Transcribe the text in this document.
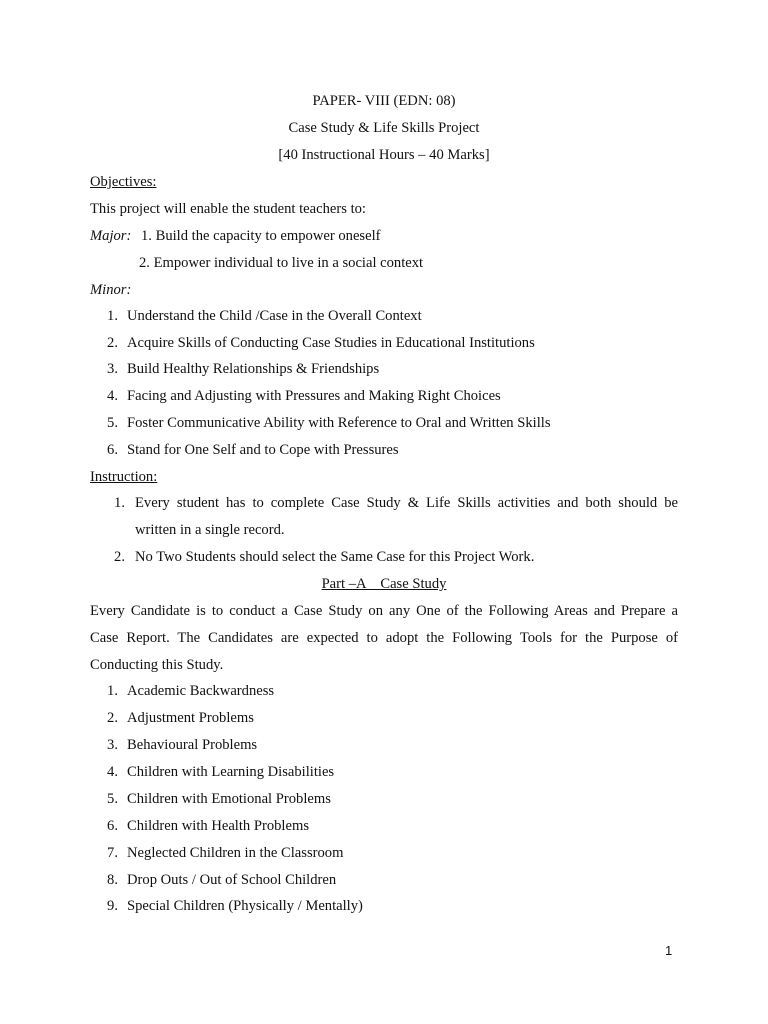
PAPER- VIII (EDN: 08)
Case Study & Life Skills Project
[40 Instructional Hours – 40 Marks]
Objectives:
This project will enable the student teachers to:
Major: 1. Build the capacity to empower oneself
2. Empower individual to live in a social context
Minor:
1. Understand the Child /Case in the Overall Context
2. Acquire Skills of Conducting Case Studies in Educational Institutions
3. Build Healthy Relationships & Friendships
4. Facing and Adjusting with Pressures and Making Right Choices
5. Foster Communicative Ability with Reference to Oral and Written Skills
6. Stand for One Self and to Cope with Pressures
Instruction:
1. Every student has to complete Case Study & Life Skills activities and both should be
written in a single record.
2. No Two Students should select the Same Case for this Project Work.
Part –A    Case Study
Every Candidate is to conduct a Case Study on any One of the Following Areas and Prepare a
Case Report. The Candidates are expected to adopt the Following Tools for the Purpose of
Conducting this Study.
1. Academic Backwardness
2. Adjustment Problems
3. Behavioural Problems
4. Children with Learning Disabilities
5. Children with Emotional Problems
6. Children with Health Problems
7. Neglected Children in the Classroom
8. Drop Outs / Out of School Children
9. Special Children (Physically / Mentally)
1
